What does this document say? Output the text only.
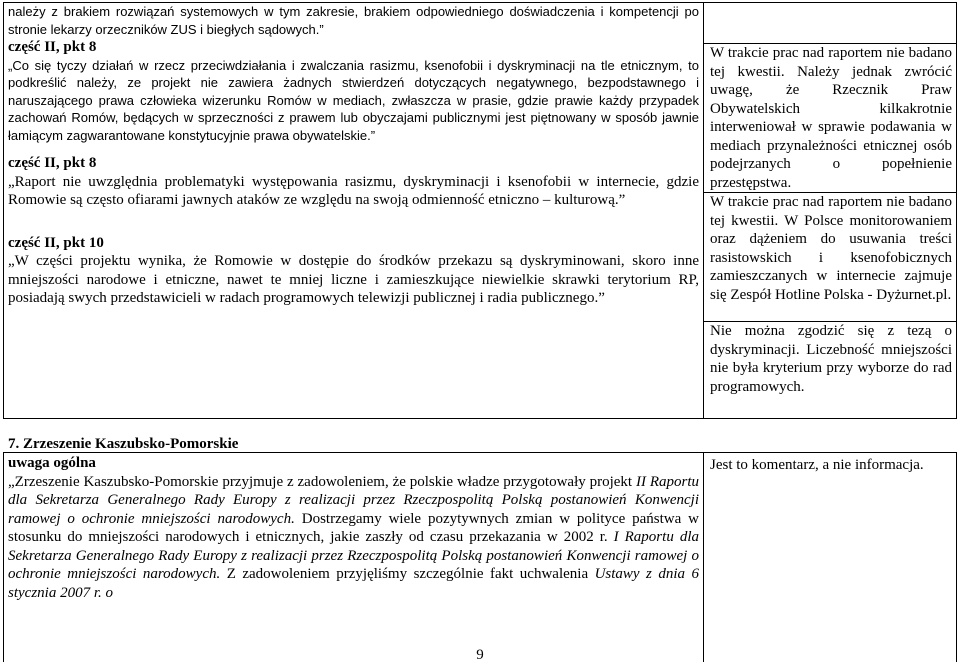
należy z brakiem rozwiązań systemowych w tym zakresie, brakiem odpowiedniego doświadczenia i kompetencji po stronie lekarzy orzeczników ZUS i biegłych sądowych.”

część II, pkt 8

„Co się tyczy działań w rzecz przeciwdziałania i zwalczania rasizmu, ksenofobii i dyskryminacji na tle etnicznym, to podkreślić należy, ze projekt nie zawiera żadnych stwierdzeń dotyczących negatywnego, bezpodstawnego i naruszającego prawa człowieka wizerunku Romów w mediach, zwłaszcza w prasie, gdzie prawie każdy przypadek zachowań Romów, będących w sprzeczności z prawem lub obyczajami publicznymi jest piętnowany w sposób jawnie łamiącym zagwarantowane konstytucyjnie prawa obywatelskie.”

część II, pkt 8

„Raport nie uwzględnia problematyki występowania rasizmu, dyskryminacji i ksenofobii w internecie, gdzie Romowie są często ofiarami jawnych ataków ze względu na swoją odmienność etniczno – kulturową.”

część II, pkt 10

„W części projektu wynika, że Romowie w dostępie do środków przekazu są dyskryminowani, skoro inne mniejszości narodowe i etniczne, nawet te mniej liczne i zamieszkujące niewielkie skrawki terytorium RP, posiadają swych przedstawicieli w radach programowych telewizji publicznej i radia publicznego.”

W trakcie prac nad raportem nie badano tej kwestii. Należy jednak zwrócić uwagę, że Rzecznik Praw Obywatelskich kilkakrotnie interweniował w sprawie podawania w mediach przynależności etnicznej osób podejrzanych o popełnienie przestępstwa.

W trakcie prac nad raportem nie badano tej kwestii. W Polsce monitorowaniem oraz dążeniem do usuwania treści rasistowskich i ksenofobicznych zamieszczanych w internecie zajmuje się Zespół Hotline Polska - Dyżurnet.pl.

Nie można zgodzić się z tezą o dyskryminacji. Liczebność mniejszości nie była kryterium przy wyborze do rad programowych.

7. Zrzeszenie Kaszubsko-Pomorskie

uwaga ogólna

„Zrzeszenie Kaszubsko-Pomorskie przyjmuje z zadowoleniem, że polskie władze przygotowały projekt II Raportu dla Sekretarza Generalnego Rady Europy z realizacji przez Rzeczpospolitą Polską postanowień Konwencji ramowej o ochronie mniejszości narodowych. Dostrzegamy wiele pozytywnych zmian w polityce państwa w stosunku do mniejszości narodowych i etnicznych, jakie zaszły od czasu przekazania w 2002 r. I Raportu dla Sekretarza Generalnego Rady Europy z realizacji przez Rzeczpospolitą Polską postanowień Konwencji ramowej o ochronie mniejszości narodowych. Z zadowoleniem przyjęliśmy szczególnie fakt uchwalenia Ustawy z dnia 6 stycznia 2007 r. o

Jest to komentarz, a nie informacja.

9
